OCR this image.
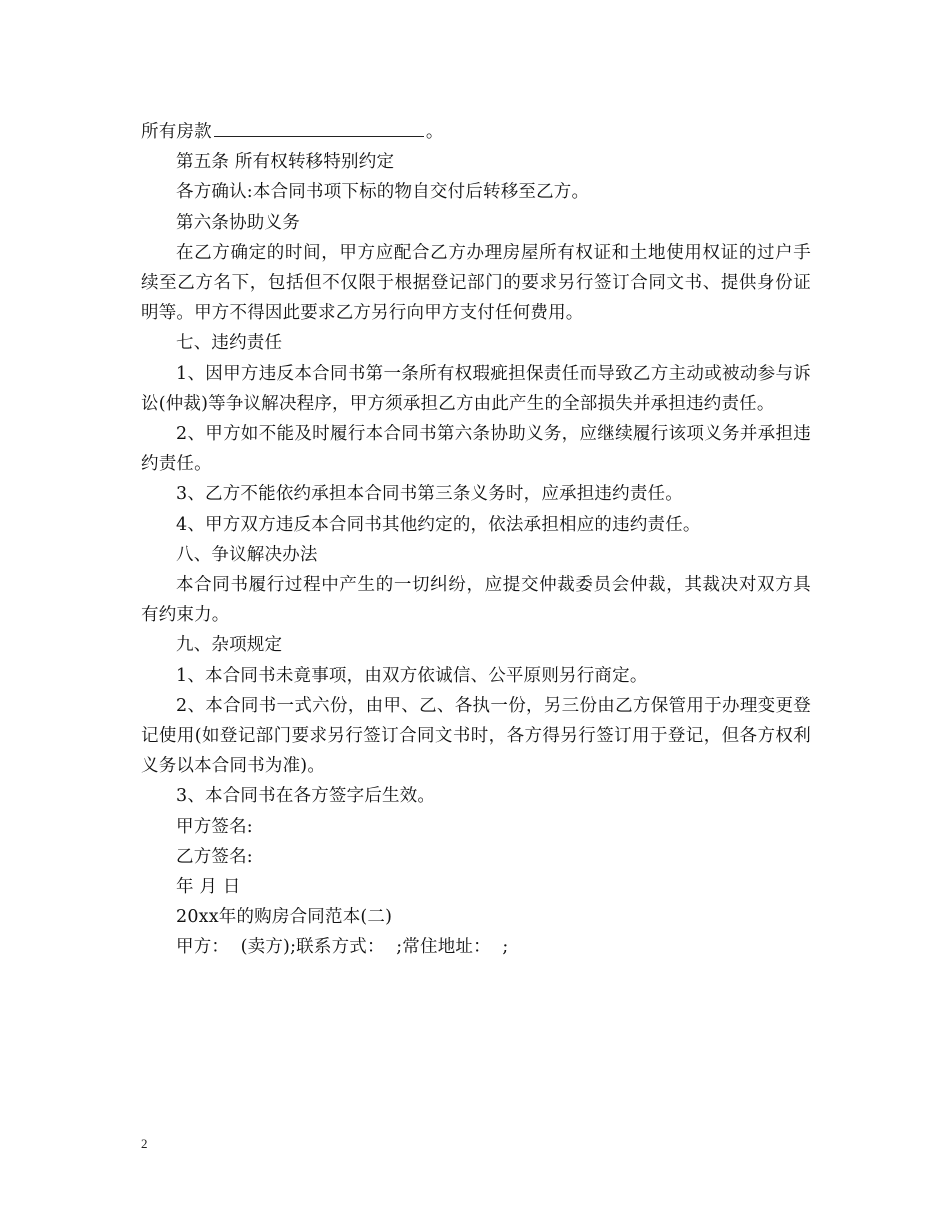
所有房款	。

第五条 所有权转移特别约定

各方确认:本合同书项下标的物自交付后转移至乙方。

第六条协助义务

在乙方确定的时间，甲方应配合乙方办理房屋所有权证和土地使用权证的过户手续至乙方名下，包括但不仅限于根据登记部门的要求另行签订合同文书、提供身份证明等。甲方不得因此要求乙方另行向甲方支付任何费用。

七、违约责任

1、因甲方违反本合同书第一条所有权瑕疵担保责任而导致乙方主动或被动参与诉讼(仲裁)等争议解决程序，甲方须承担乙方由此产生的全部损失并承担违约责任。

2、甲方如不能及时履行本合同书第六条协助义务，应继续履行该项义务并承担违约责任。

3、乙方不能依约承担本合同书第三条义务时，应承担违约责任。

4、甲方双方违反本合同书其他约定的，依法承担相应的违约责任。

八、争议解决办法

本合同书履行过程中产生的一切纠纷，应提交仲裁委员会仲裁，其裁决对双方具有约束力。

九、杂项规定

1、本合同书未竟事项，由双方依诚信、公平原则另行商定。

2、本合同书一式六份，由甲、乙、各执一份，另三份由乙方保管用于办理变更登记使用(如登记部门要求另行签订合同文书时，各方得另行签订用于登记，但各方权利义务以本合同书为准)。

3、本合同书在各方签字后生效。

甲方签名:

乙方签名:

年 月 日

20xx年的购房合同范本(二)

甲方：  (卖方);联系方式：  ;常住地址：  ;

2
